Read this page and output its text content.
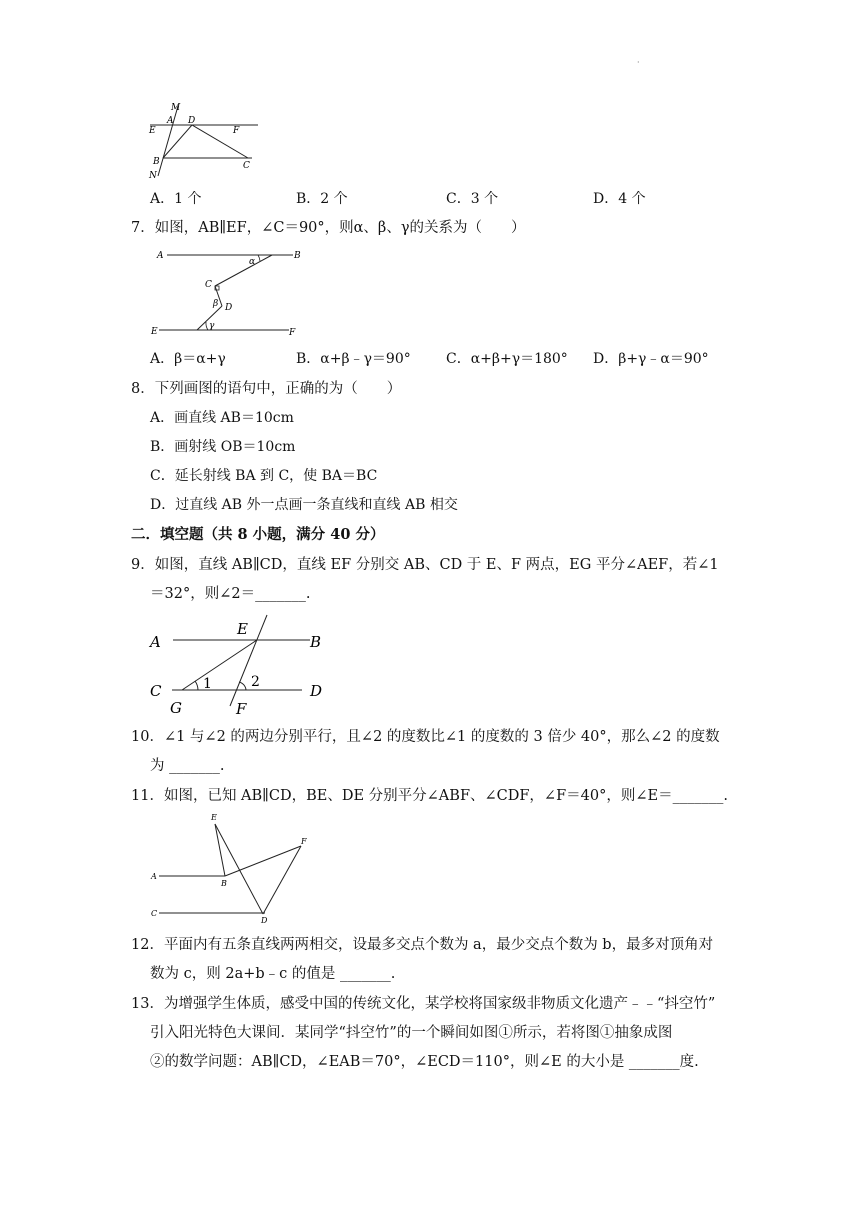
·
M
A D
E	F
B	C
N
A．1 个	B．2 个	C．3 个	D．4 个
7．如图，AB∥EF，∠C＝90°，则α、β、γ的关系为（　　）
A	B
α
C
β D
E
γ
F
A．β＝α+γ	B．α+β﹣γ＝90°	C．α+β+γ＝180° D．β+γ﹣α＝90°
8．下列画图的语句中，正确的为（　　）
A．画直线 AB＝10cm
B．画射线 OB＝10cm
C．延长射线 BA 到 C，使 BA＝BC
D．过直线 AB 外一点画一条直线和直线 AB 相交
二．填空题（共 8 小题，满分 40 分）
9．如图，直线 AB∥CD，直线 EF 分别交 AB、CD 于 E、F 两点，EG 平分∠AEF，若∠1
＝32°，则∠2＝_______.
A
E
B
C	1	2	D
G	F
10．∠1 与∠2 的两边分别平行，且∠2 的度数比∠1 的度数的 3 倍少 40°，那么∠2 的度数
为 _______.
11．如图，已知 AB∥CD，BE、DE 分别平分∠ABF、∠CDF，∠F＝40°，则∠E＝_______.
E
F
A
B
C
D
12．平面内有五条直线两两相交，设最多交点个数为 a，最少交点个数为 b，最多对顶角对
数为 c，则 2a+b﹣c 的值是 _______.
13．为增强学生体质，感受中国的传统文化，某学校将国家级非物质文化遗产﹣﹣“抖空竹”
引入阳光特色大课间．某同学“抖空竹”的一个瞬间如图①所示，若将图①抽象成图
②的数学问题：AB∥CD，∠EAB＝70°，∠ECD＝110°，则∠E 的大小是 _______度.
